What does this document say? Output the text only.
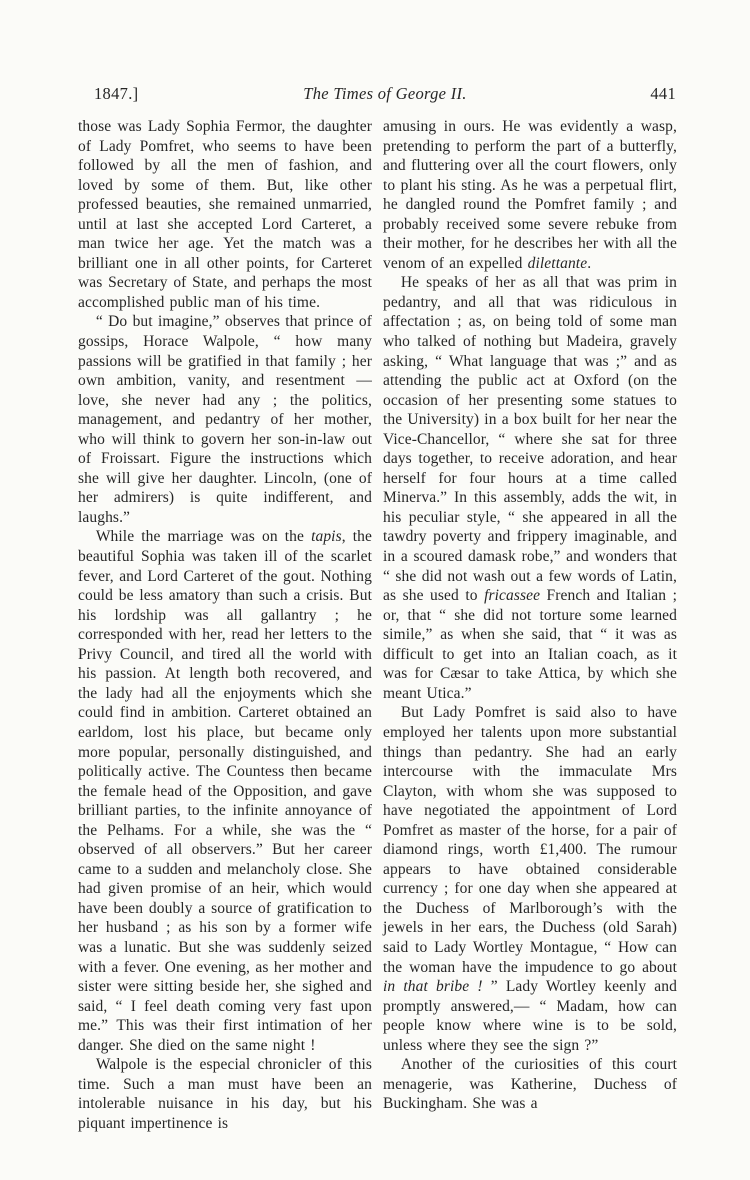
1847.]	The Times of George II.	441

those was Lady Sophia Fermor, the daughter of Lady Pomfret, who seems to have been followed by all the men of fashion, and loved by some of them. But, like other professed beauties, she remained unmarried, until at last she accepted Lord Carteret, a man twice her age. Yet the match was a brilliant one in all other points, for Carteret was Secretary of State, and perhaps the most accomplished public man of his time.

“ Do but imagine,” observes that prince of gossips, Horace Walpole, “ how many passions will be gratified in that family ; her own ambition, vanity, and resentment — love, she never had any ; the politics, management, and pedantry of her mother, who will think to govern her son-in-law out of Froissart. Figure the instructions which she will give her daughter. Lincoln, (one of her admirers) is quite indifferent, and laughs.”

While the marriage was on the tapis, the beautiful Sophia was taken ill of the scarlet fever, and Lord Carteret of the gout. Nothing could be less amatory than such a crisis. But his lordship was all gallantry ; he corresponded with her, read her letters to the Privy Council, and tired all the world with his passion. At length both recovered, and the lady had all the enjoyments which she could find in ambition. Carteret obtained an earldom, lost his place, but became only more popular, personally distinguished, and politically active. The Countess then became the female head of the Opposition, and gave brilliant parties, to the infinite annoyance of the Pelhams. For a while, she was the “ observed of all observers.” But her career came to a sudden and melancholy close. She had given promise of an heir, which would have been doubly a source of gratification to her husband ; as his son by a former wife was a lunatic. But she was suddenly seized with a fever. One evening, as her mother and sister were sitting beside her, she sighed and said, “ I feel death coming very fast upon me.” This was their first intimation of her danger. She died on the same night !

Walpole is the especial chronicler of this time. Such a man must have been an intolerable nuisance in his day, but his piquant impertinence is

amusing in ours. He was evidently a wasp, pretending to perform the part of a butterfly, and fluttering over all the court flowers, only to plant his sting. As he was a perpetual flirt, he dangled round the Pomfret family ; and probably received some severe rebuke from their mother, for he describes her with all the venom of an expelled dilettante.

He speaks of her as all that was prim in pedantry, and all that was ridiculous in affectation ; as, on being told of some man who talked of nothing but Madeira, gravely asking, “ What language that was ;” and as attending the public act at Oxford (on the occasion of her presenting some statues to the University) in a box built for her near the Vice-Chancellor, “ where she sat for three days together, to receive adoration, and hear herself for four hours at a time called Minerva.” In this assembly, adds the wit, in his peculiar style, “ she appeared in all the tawdry poverty and frippery imaginable, and in a scoured damask robe,” and wonders that “ she did not wash out a few words of Latin, as she used to fricassee French and Italian ; or, that “ she did not torture some learned simile,” as when she said, that “ it was as difficult to get into an Italian coach, as it was for Cæsar to take Attica, by which she meant Utica.”

But Lady Pomfret is said also to have employed her talents upon more substantial things than pedantry. She had an early intercourse with the immaculate Mrs Clayton, with whom she was supposed to have negotiated the appointment of Lord Pomfret as master of the horse, for a pair of diamond rings, worth £1,400. The rumour appears to have obtained considerable currency ; for one day when she appeared at the Duchess of Marlborough’s with the jewels in her ears, the Duchess (old Sarah) said to Lady Wortley Montague, “ How can the woman have the impudence to go about in that bribe ! ” Lady Wortley keenly and promptly answered,— “ Madam, how can people know where wine is to be sold, unless where they see the sign ?”

Another of the curiosities of this court menagerie, was Katherine, Duchess of Buckingham. She was a
